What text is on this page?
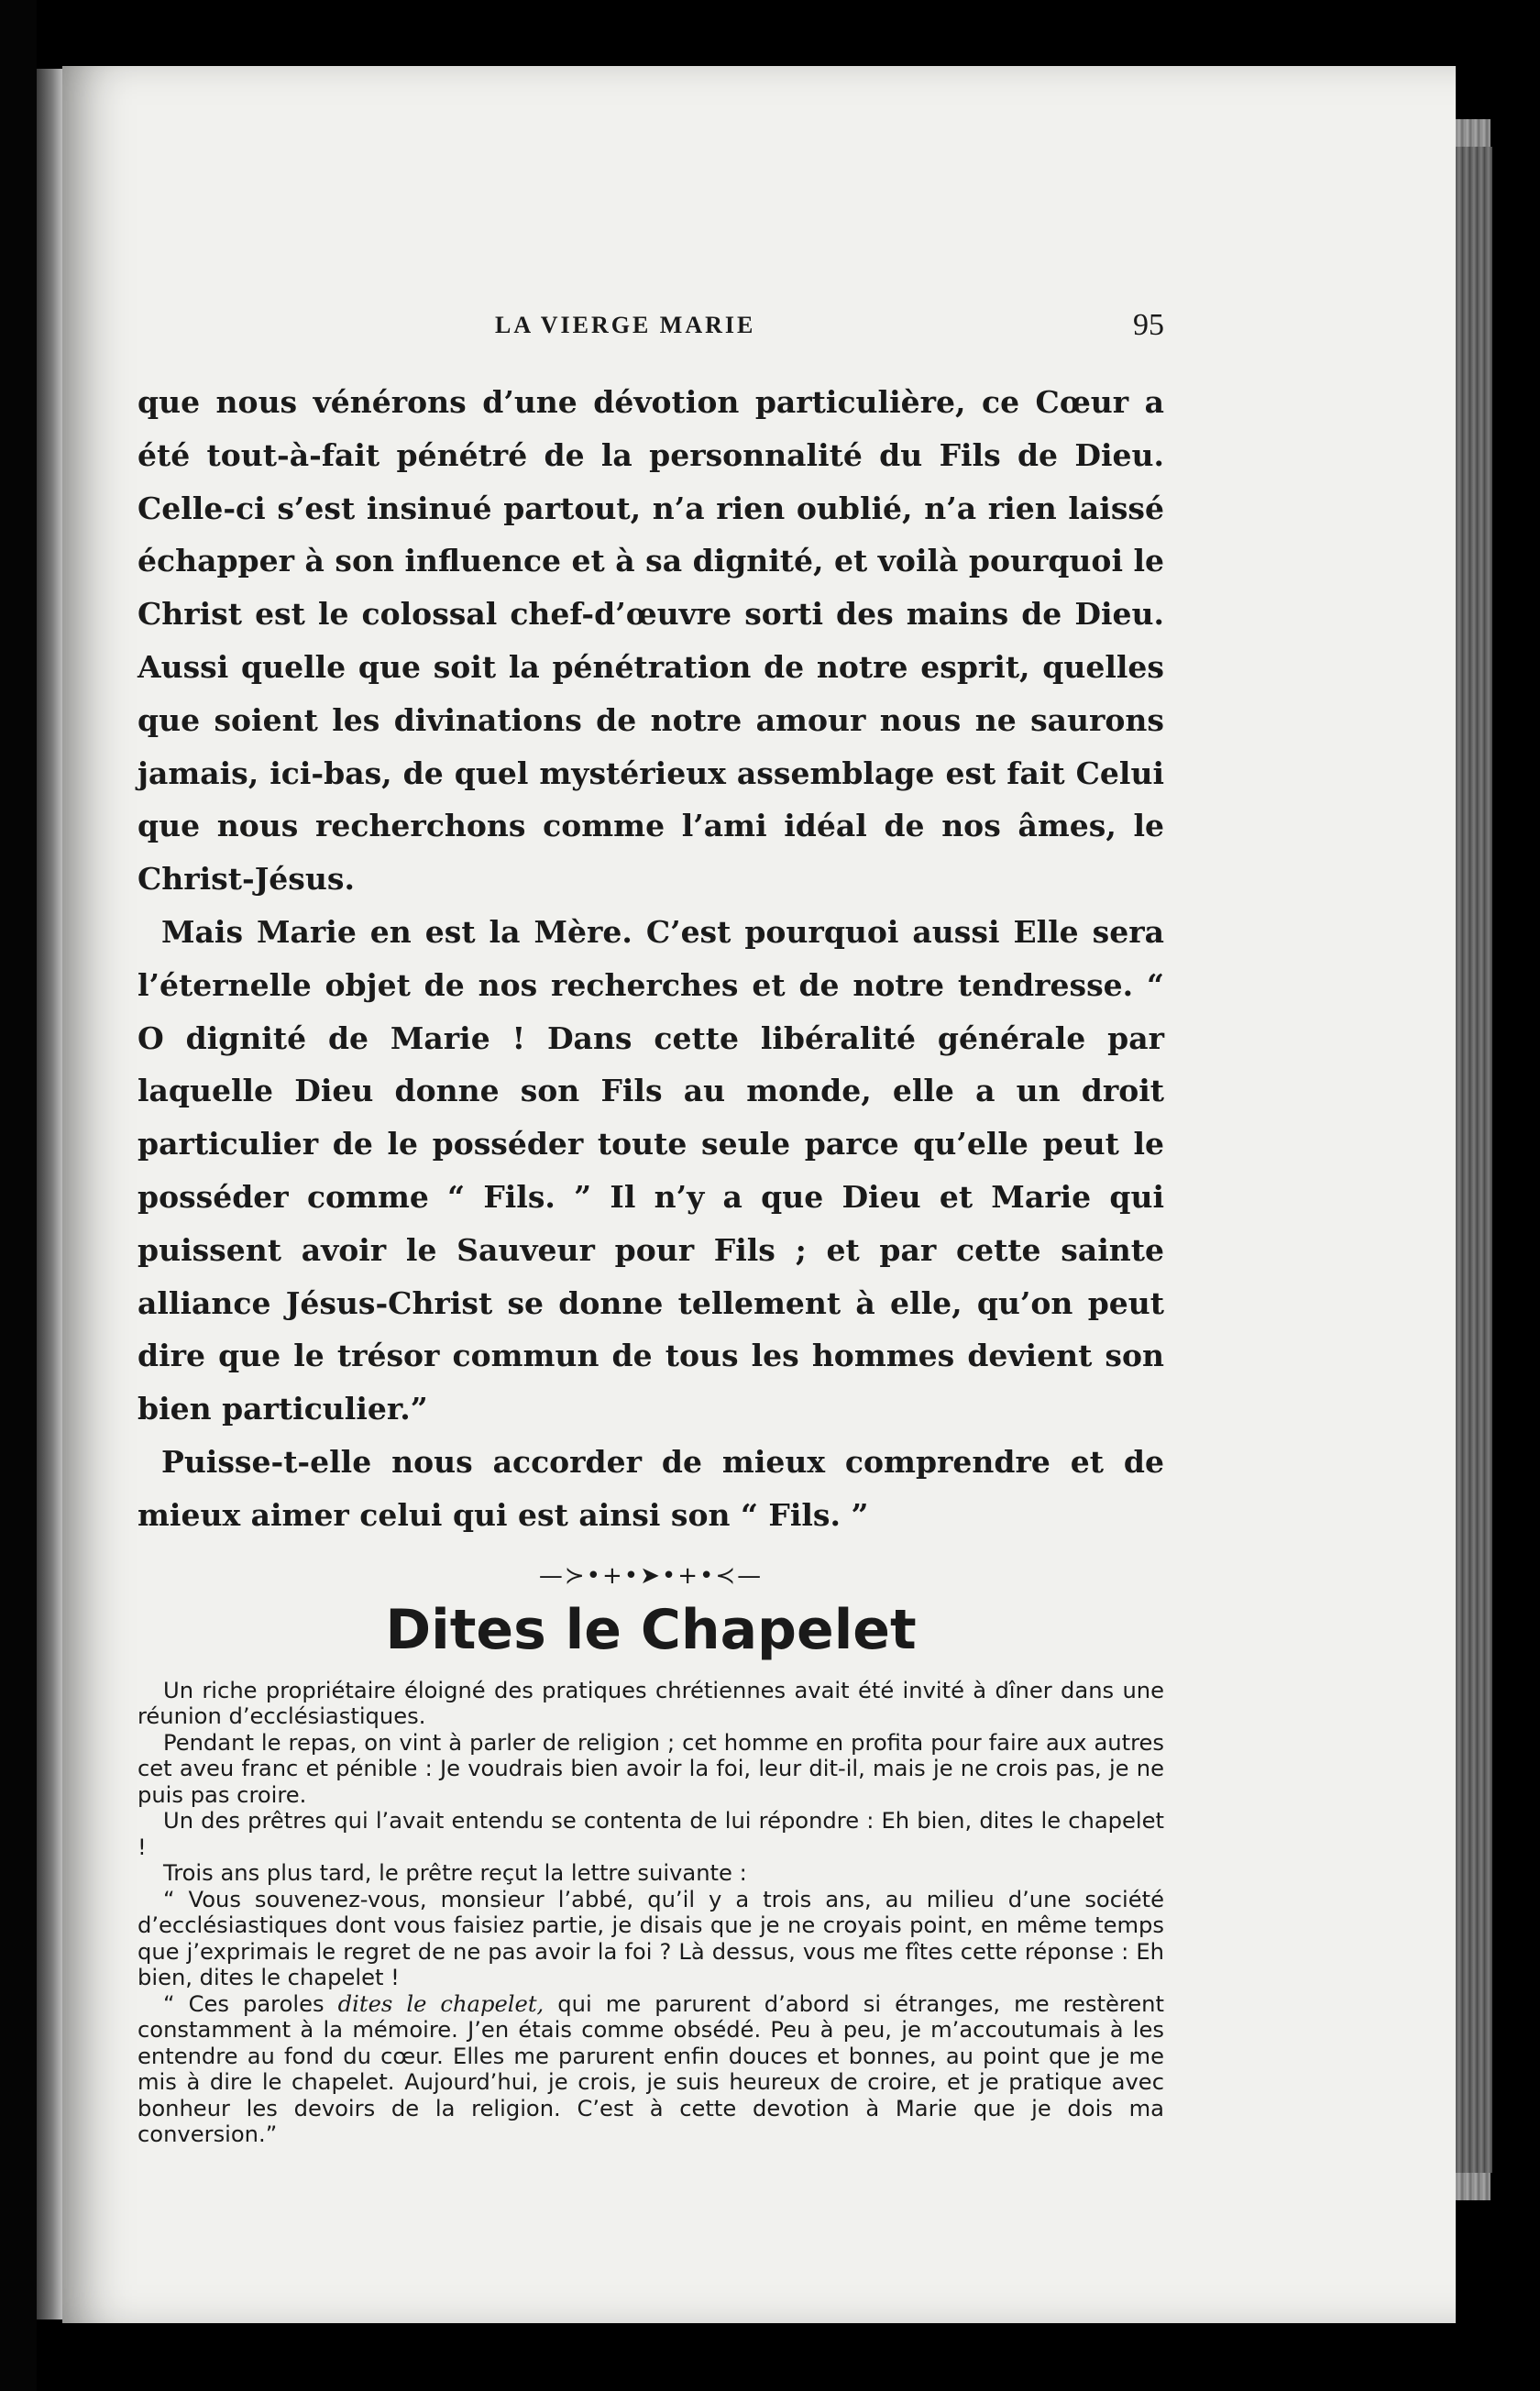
LA VIERGE MARIE	95

que nous vénérons d’une dévotion particulière, ce Cœur a été tout-à-fait pénétré de la personnalité du Fils de Dieu. Celle-ci s’est insinué partout, n’a rien oublié, n’a rien laissé échapper à son influence et à sa dignité, et voilà pourquoi le Christ est le colossal chef-d’œuvre sorti des mains de Dieu. Aussi quelle que soit la pénétration de notre esprit, quelles que soient les divinations de notre amour nous ne saurons jamais, ici-bas, de quel mystérieux assemblage est fait Celui que nous recherchons comme l’ami idéal de nos âmes, le Christ-Jésus.

Mais Marie en est la Mère. C’est pourquoi aussi Elle sera l’éternelle objet de nos recherches et de notre tendresse. “ O dignité de Marie ! Dans cette libéralité générale par laquelle Dieu donne son Fils au monde, elle a un droit particulier de le posséder toute seule parce qu’elle peut le posséder comme “ Fils. ” Il n’y a que Dieu et Marie qui puissent avoir le Sauveur pour Fils ; et par cette sainte alliance Jésus-Christ se donne tellement à elle, qu’on peut dire que le trésor commun de tous les hommes devient son bien particulier.”

Puisse-t-elle nous accorder de mieux comprendre et de mieux aimer celui qui est ainsi son “ Fils. ”

—≻•+•➤•+•≺—
Dites le Chapelet

Un riche propriétaire éloigné des pratiques chrétiennes avait été invité à dîner dans une réunion d’ecclésiastiques.

Pendant le repas, on vint à parler de religion ; cet homme en profita pour faire aux autres cet aveu franc et pénible : Je voudrais bien avoir la foi, leur dit-il, mais je ne crois pas, je ne puis pas croire.

Un des prêtres qui l’avait entendu se contenta de lui répondre : Eh bien, dites le chapelet !

Trois ans plus tard, le prêtre reçut la lettre suivante :

“ Vous souvenez-vous, monsieur l’abbé, qu’il y a trois ans, au milieu d’une société d’ecclésiastiques dont vous faisiez partie, je disais que je ne croyais point, en même temps que j’exprimais le regret de ne pas avoir la foi ? Là dessus, vous me fîtes cette réponse : Eh bien, dites le chapelet !

“ Ces paroles dites le chapelet, qui me parurent d’abord si étranges, me restèrent constamment à la mémoire. J’en étais comme obsédé. Peu à peu, je m’accoutumais à les entendre au fond du cœur. Elles me parurent enfin douces et bonnes, au point que je me mis à dire le chapelet. Aujourd’hui, je crois, je suis heureux de croire, et je pratique avec bonheur les devoirs de la religion. C’est à cette devotion à Marie que je dois ma conversion.”
